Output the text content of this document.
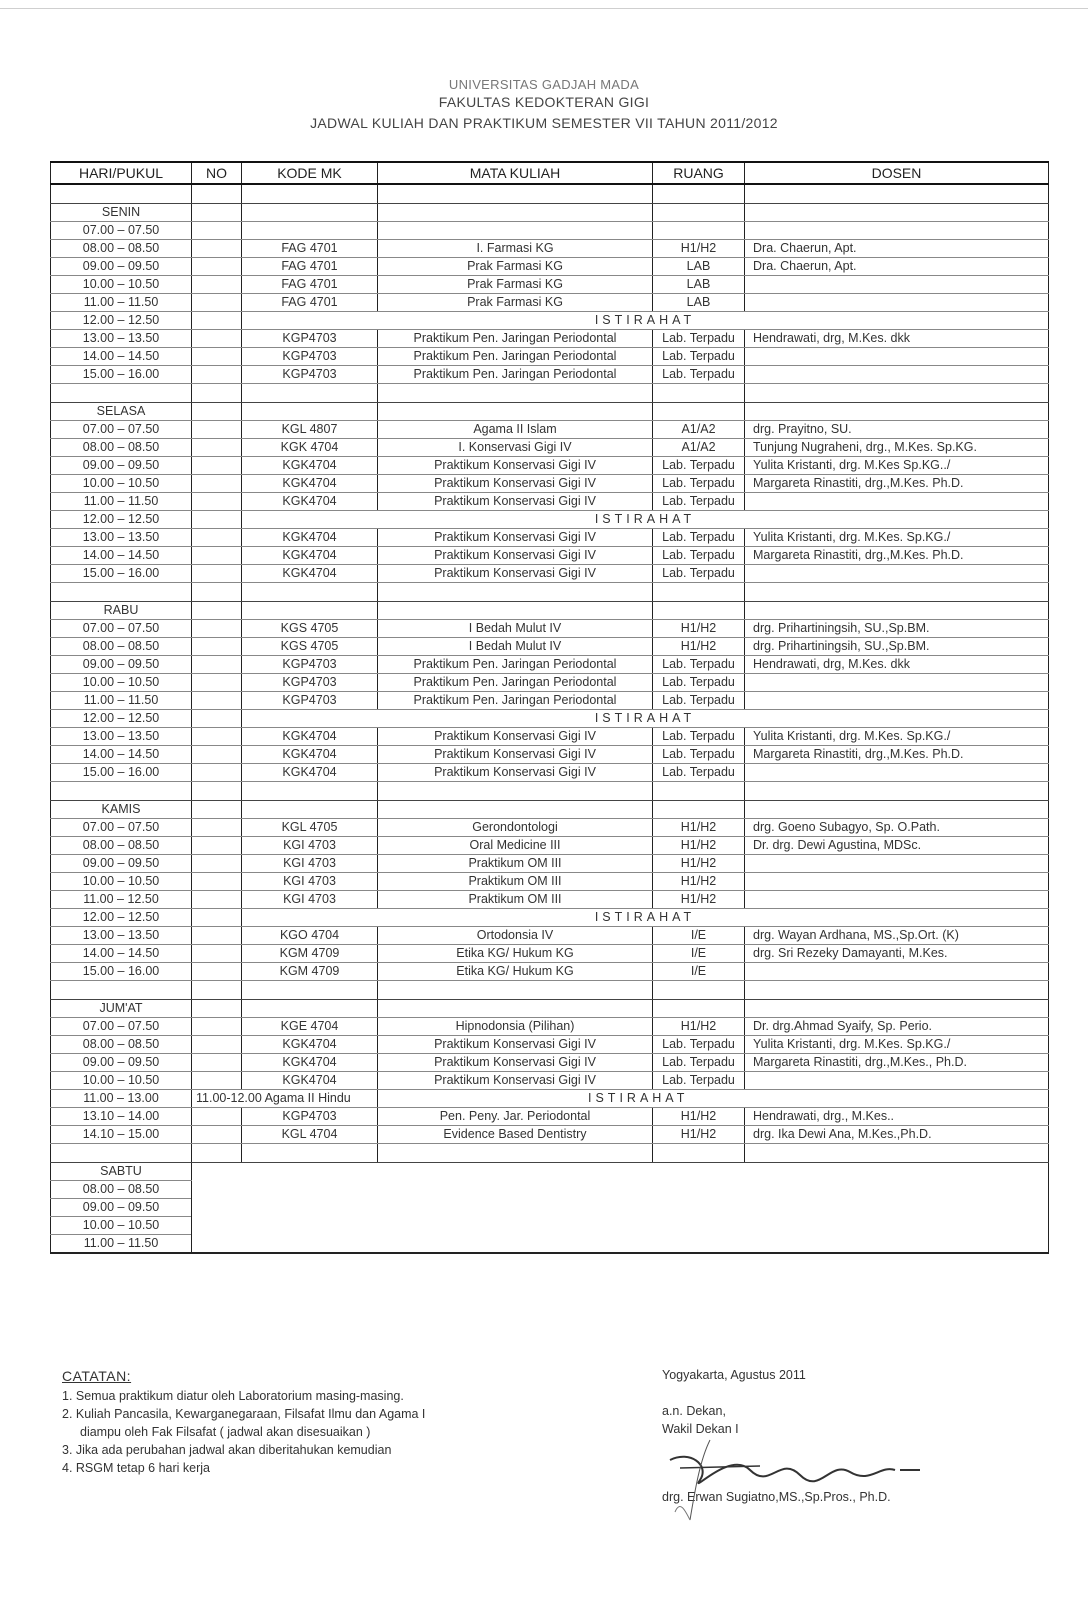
UNIVERSITAS GADJAH MADA
FAKULTAS KEDOKTERAN GIGI
JADWAL KULIAH DAN PRAKTIKUM SEMESTER VII TAHUN 2011/2012
HARI/PUKUL	NO	KODE MK	MATA KULIAH	RUANG	DOSEN	

SENIN						
07.00 – 07.50						
08.00 – 08.50		FAG 4701	I. Farmasi KG	H1/H2	Dra. Chaerun, Apt.	
09.00 – 09.50		FAG 4701	Prak Farmasi KG	LAB	Dra. Chaerun, Apt.	
10.00 – 10.50		FAG 4701	Prak Farmasi KG	LAB		
11.00 – 11.50		FAG 4701	Prak Farmasi KG	LAB		
12.00 – 12.50		ISTIRAHAT				
13.00 – 13.50		KGP4703	Praktikum Pen. Jaringan Periodontal	Lab. Terpadu	Hendrawati, drg, M.Kes. dkk	
14.00 – 14.50		KGP4703	Praktikum Pen. Jaringan Periodontal	Lab. Terpadu		
15.00 – 16.00		KGP4703	Praktikum Pen. Jaringan Periodontal	Lab. Terpadu		

SELASA						
07.00 – 07.50		KGL 4807	Agama II Islam	A1/A2	drg. Prayitno, SU.	
08.00 – 08.50		KGK 4704	I. Konservasi Gigi IV	A1/A2	Tunjung Nugraheni, drg., M.Kes. Sp.KG.	
09.00 – 09.50		KGK4704	Praktikum Konservasi Gigi IV	Lab. Terpadu	Yulita Kristanti, drg. M.Kes Sp.KG../	
10.00 – 10.50		KGK4704	Praktikum Konservasi Gigi IV	Lab. Terpadu	Margareta Rinastiti, drg.,M.Kes. Ph.D.	
11.00 – 11.50		KGK4704	Praktikum Konservasi Gigi IV	Lab. Terpadu		
12.00 – 12.50		ISTIRAHAT				
13.00 – 13.50		KGK4704	Praktikum Konservasi Gigi IV	Lab. Terpadu	Yulita Kristanti, drg. M.Kes. Sp.KG./	
14.00 – 14.50		KGK4704	Praktikum Konservasi Gigi IV	Lab. Terpadu	Margareta Rinastiti, drg.,M.Kes. Ph.D.	
15.00 – 16.00		KGK4704	Praktikum Konservasi Gigi IV	Lab. Terpadu		

RABU						
07.00 – 07.50		KGS 4705	I Bedah Mulut IV	H1/H2	drg. Prihartiningsih, SU.,Sp.BM.	
08.00 – 08.50		KGS 4705	I Bedah Mulut IV	H1/H2	drg. Prihartiningsih, SU.,Sp.BM.	
09.00 – 09.50		KGP4703	Praktikum Pen. Jaringan Periodontal	Lab. Terpadu	Hendrawati, drg, M.Kes. dkk	
10.00 – 10.50		KGP4703	Praktikum Pen. Jaringan Periodontal	Lab. Terpadu		
11.00 – 11.50		KGP4703	Praktikum Pen. Jaringan Periodontal	Lab. Terpadu		
12.00 – 12.50		ISTIRAHAT				
13.00 – 13.50		KGK4704	Praktikum Konservasi Gigi IV	Lab. Terpadu	Yulita Kristanti, drg. M.Kes. Sp.KG./	
14.00 – 14.50		KGK4704	Praktikum Konservasi Gigi IV	Lab. Terpadu	Margareta Rinastiti, drg.,M.Kes. Ph.D.	
15.00 – 16.00		KGK4704	Praktikum Konservasi Gigi IV	Lab. Terpadu		

KAMIS						
07.00 – 07.50		KGL 4705	Gerondontologi	H1/H2	drg. Goeno Subagyo, Sp. O.Path.	
08.00 – 08.50		KGI 4703	Oral Medicine III	H1/H2	Dr. drg. Dewi Agustina, MDSc.	
09.00 – 09.50		KGI 4703	Praktikum OM III	H1/H2		
10.00 – 10.50		KGI 4703	Praktikum OM III	H1/H2		
11.00 – 12.50		KGI 4703	Praktikum OM III	H1/H2		
12.00 – 12.50		ISTIRAHAT				
13.00 – 13.50		KGO 4704	Ortodonsia IV	I/E	drg. Wayan Ardhana, MS.,Sp.Ort. (K)	
14.00 – 14.50		KGM 4709	Etika KG/ Hukum KG	I/E	drg. Sri Rezeky Damayanti, M.Kes.	
15.00 – 16.00		KGM 4709	Etika KG/ Hukum KG	I/E		

JUM'AT						
07.00 – 07.50		KGE 4704	Hipnodonsia (Pilihan)	H1/H2	Dr. drg.Ahmad Syaify, Sp. Perio.	
08.00 – 08.50		KGK4704	Praktikum Konservasi Gigi IV	Lab. Terpadu	Yulita Kristanti, drg. M.Kes. Sp.KG./	
09.00 – 09.50		KGK4704	Praktikum Konservasi Gigi IV	Lab. Terpadu	Margareta Rinastiti, drg.,M.Kes., Ph.D.	
10.00 – 10.50		KGK4704	Praktikum Konservasi Gigi IV	Lab. Terpadu		
11.00 – 13.00	11.00-12.00 Agama II Hindu		ISTIRAHAT			
13.10 – 14.00		KGP4703	Pen. Peny. Jar. Periodontal	H1/H2	Hendrawati, drg., M.Kes..	
14.10 – 15.00		KGL 4704	Evidence Based Dentistry	H1/H2	drg. Ika Dewi Ana, M.Kes.,Ph.D.	

SABTU						
08.00 – 08.50						
09.00 – 09.50						
10.00 – 10.50						
11.00 – 11.50						
CATATAN:
1. Semua praktikum diatur oleh Laboratorium masing-masing.
2. Kuliah Pancasila, Kewarganegaraan, Filsafat Ilmu dan Agama I
diampu oleh Fak Filsafat ( jadwal akan disesuaikan )
3. Jika ada perubahan jadwal akan diberitahukan kemudian
4. RSGM tetap 6 hari kerja
Yogyakarta, Agustus 2011
a.n. Dekan,
Wakil Dekan I
drg. Erwan Sugiatno,MS.,Sp.Pros., Ph.D.
